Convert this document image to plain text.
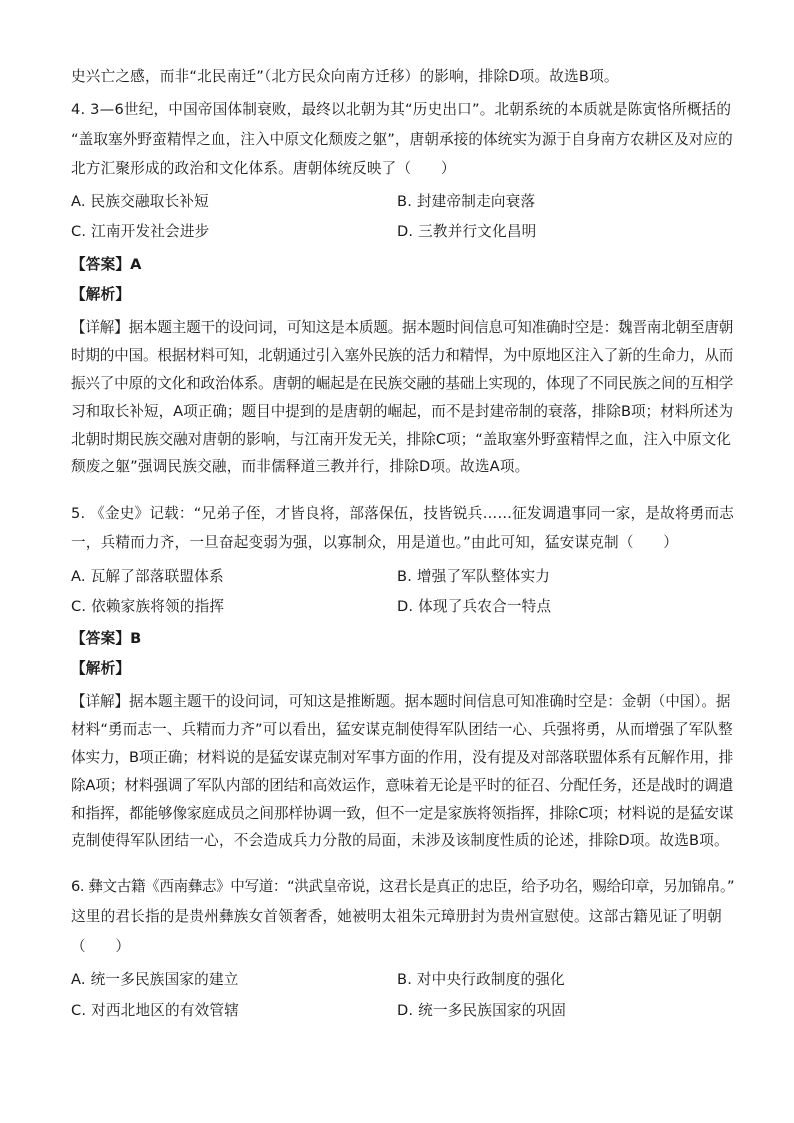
史兴亡之感，而非“北民南迁”（北方民众向南方迁移）的影响，排除D项。故选B项。
4. 3—6世纪，中国帝国体制衰败，最终以北朝为其“历史出口”。北朝系统的本质就是陈寅恪所概括的
“盖取塞外野蛮精悍之血，注入中原文化颓废之躯”，唐朝承接的体统实为源于自身南方农耕区及对应的
北方汇聚形成的政治和文化体系。唐朝体统反映了（　　）
A. 民族交融取长补短	B. 封建帝制走向衰落
C. 江南开发社会进步	D. 三教并行文化昌明
【答案】A
【解析】
【详解】据本题主题干的设问词，可知这是本质题。据本题时间信息可知准确时空是：魏晋南北朝至唐朝
时期的中国。根据材料可知，北朝通过引入塞外民族的活力和精悍，为中原地区注入了新的生命力，从而
振兴了中原的文化和政治体系。唐朝的崛起是在民族交融的基础上实现的，体现了不同民族之间的互相学
习和取长补短，A项正确；题目中提到的是唐朝的崛起，而不是封建帝制的衰落，排除B项；材料所述为
北朝时期民族交融对唐朝的影响，与江南开发无关，排除C项；“盖取塞外野蛮精悍之血，注入中原文化
颓废之躯”强调民族交融，而非儒释道三教并行，排除D项。故选A项。
5. 《金史》记载：“兄弟子侄，才皆良将，部落保伍，技皆锐兵……征发调遣事同一家，是故将勇而志
一，兵精而力齐，一旦奋起变弱为强，以寡制众，用是道也。”由此可知，猛安谋克制（　　）
A. 瓦解了部落联盟体系	B. 增强了军队整体实力
C. 依赖家族将领的指挥	D. 体现了兵农合一特点
【答案】B
【解析】
【详解】据本题主题干的设问词，可知这是推断题。据本题时间信息可知准确时空是：金朝（中国）。据
材料“勇而志一、兵精而力齐”可以看出，猛安谋克制使得军队团结一心、兵强将勇，从而增强了军队整
体实力，B项正确；材料说的是猛安谋克制对军事方面的作用，没有提及对部落联盟体系有瓦解作用，排
除A项；材料强调了军队内部的团结和高效运作，意味着无论是平时的征召、分配任务，还是战时的调遣
和指挥，都能够像家庭成员之间那样协调一致，但不一定是家族将领指挥，排除C项；材料说的是猛安谋
克制使得军队团结一心，不会造成兵力分散的局面，未涉及该制度性质的论述，排除D项。故选B项。
6. 彝文古籍《西南彝志》中写道：“洪武皇帝说，这君长是真正的忠臣，给予功名，赐给印章，另加锦帛。”
这里的君长指的是贵州彝族女首领奢香，她被明太祖朱元璋册封为贵州宣慰使。这部古籍见证了明朝
（　　）
A. 统一多民族国家的建立	B. 对中央行政制度的强化
C. 对西北地区的有效管辖	D. 统一多民族国家的巩固
